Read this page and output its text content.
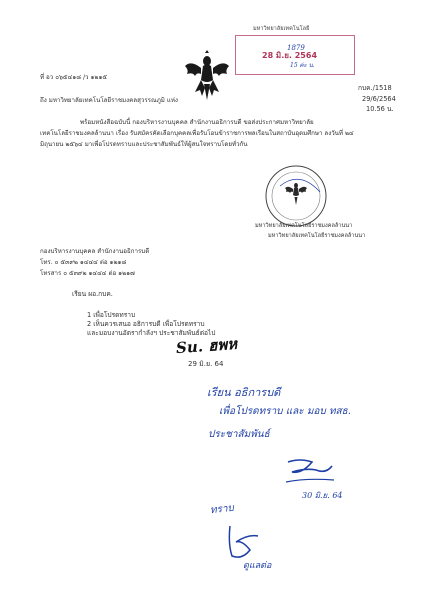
ที่ อว ๐๖๕๔๑๘ /ว ๑๒๑๕
ถึง มหาวิทยาลัยเทคโนโลยีราชมงคลสุวรรณภูมิ แห่ง
มหาวิทยาลัยเทคโนโลยี
1879
28 มิ.ย. 2564
15 ค่ะ น.
กบค./1518
29/6/2564
10.56 น.
พร้อมหนังสือฉบับนี้ กองบริหารงานบุคคล สำนักงานอธิการบดี ขอส่งประกาศมหาวิทยาลัย
เทคโนโลยีราชมงคลล้านนา เรื่อง รับสมัครคัดเลือกบุคคลเพื่อรับโอนข้าราชการพลเรือนในสถาบันอุดมศึกษา ลงวันที่ ๒๔
มิถุนายน ๒๕๖๔ มาเพื่อโปรดทราบและประชาสัมพันธ์ให้ผู้สนใจทราบโดยทั่วกัน
มหาวิทยาลัยเทคโนโลยีราชมงคลล้านนา
มหาวิทยาลัยเทคโนโลยีราชมงคลล้านนา
กองบริหารงานบุคคล สำนักงานอธิการบดี
โทร. ๐ ๕๓๙๒ ๑๔๔๔ ต่อ ๑๒๑๘
โทรสาร ๐ ๕๓๙๒ ๑๔๔๔ ต่อ ๑๒๑๗
เรียน ผอ.กบค.
1 เพื่อโปรดทราบ
2 เห็นควรเสนอ อธิการบดี เพื่อโปรดทราบ
และมอบงานอัตรากำลังฯ ประชาสัมพันธ์ต่อไป
Su. ฮพห
29 มิ.ย. 64
เรียน อธิการบดี
เพื่อโปรดทราบ และ มอบ ทสธ.
ประชาสัมพันธ์
30 มิ.ย. 64
ทราบ
ดูแลต่อ
